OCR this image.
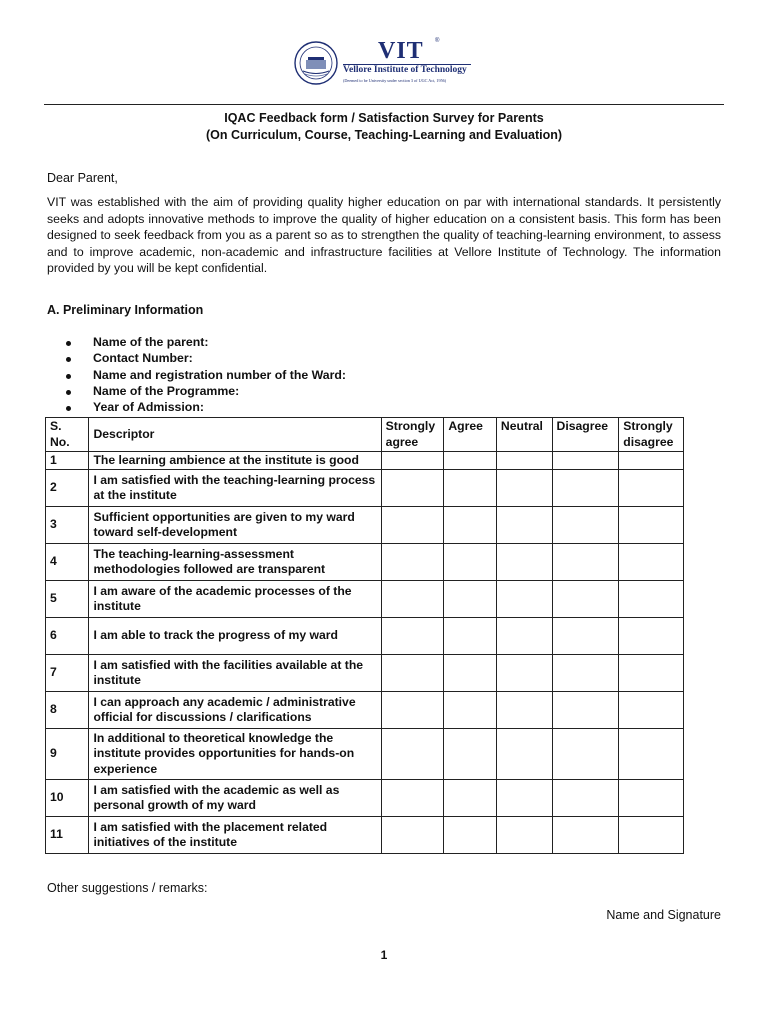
VIT ®
Vellore Institute of Technology
(Deemed to be University under section 3 of UGC Act, 1956)
IQAC Feedback form / Satisfaction Survey for Parents
(On Curriculum, Course, Teaching-Learning and Evaluation)
Dear Parent,

VIT was established with the aim of providing quality higher education on par with international standards. It persistently seeks and adopts innovative methods to improve the quality of higher education on a consistent basis. This form has been designed to seek feedback from you as a parent so as to strengthen the quality of teaching-learning environment, to assess and to improve academic, non-academic and infrastructure facilities at Vellore Institute of Technology. The information provided by you will be kept confidential.

A. Preliminary Information
Name of the parent:
Contact Number:
Name and registration number of the Ward:
Name of the Programme:
Year of Admission:
S. No.	Descriptor	Strongly agree	Agree	Neutral	Disagree	Strongly disagree
1	The learning ambience at the institute is good					
2	I am satisfied with the teaching-learning process at the institute					
3	Sufficient opportunities are given to my ward toward self-development					
4	The teaching-learning-assessment methodologies followed are transparent					
5	I am aware of the academic processes of the institute					
6	I am able to track the progress of my ward					
7	I am satisfied with the facilities available at the institute					
8	I can approach any academic / administrative official for discussions / clarifications					
9	In additional to theoretical knowledge the institute provides opportunities for hands-on experience					
10	I am satisfied with the academic as well as personal growth of my ward					
11	I am satisfied with the placement related initiatives of the institute					
Other suggestions / remarks:
Name and Signature
1
